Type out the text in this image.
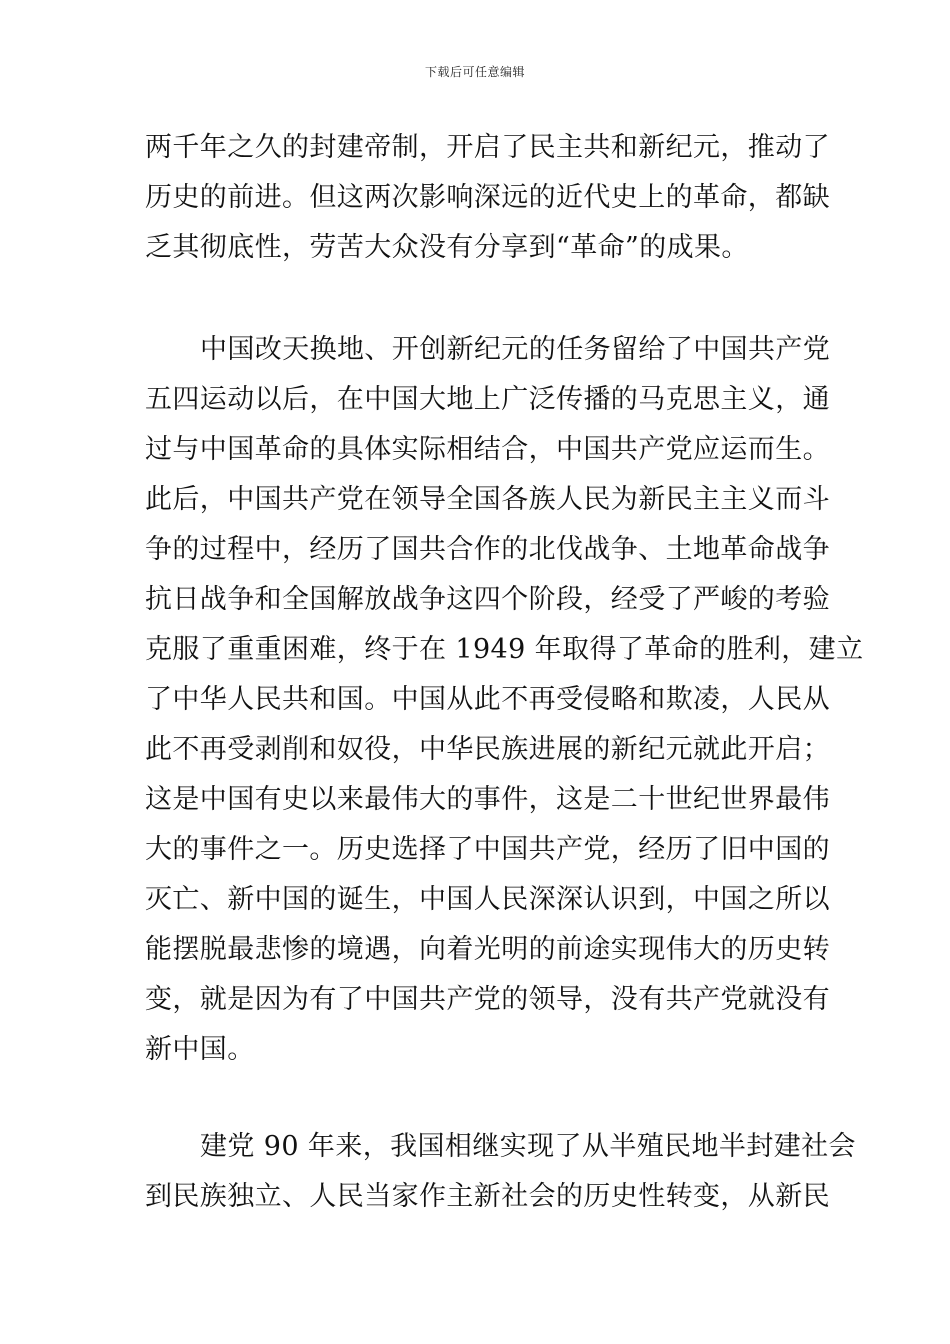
下载后可任意编辑
两千年之久的封建帝制，开启了民主共和新纪元，推动了
历史的前进。但这两次影响深远的近代史上的革命，都缺
乏其彻底性，劳苦大众没有分享到“革命”的成果。
中国改天换地、开创新纪元的任务留给了中国共产党
五四运动以后，在中国大地上广泛传播的马克思主义，通
过与中国革命的具体实际相结合，中国共产党应运而生。
此后，中国共产党在领导全国各族人民为新民主主义而斗
争的过程中，经历了国共合作的北伐战争、土地革命战争
抗日战争和全国解放战争这四个阶段，经受了严峻的考验
克服了重重困难，终于在 1949 年取得了革命的胜利，建立
了中华人民共和国。中国从此不再受侵略和欺凌，人民从
此不再受剥削和奴役，中华民族进展的新纪元就此开启；
这是中国有史以来最伟大的事件，这是二十世纪世界最伟
大的事件之一。历史选择了中国共产党，经历了旧中国的
灭亡、新中国的诞生，中国人民深深认识到，中国之所以
能摆脱最悲惨的境遇，向着光明的前途实现伟大的历史转
变，就是因为有了中国共产党的领导，没有共产党就没有
新中国。
建党 90 年来，我国相继实现了从半殖民地半封建社会
到民族独立、人民当家作主新社会的历史性转变，从新民
